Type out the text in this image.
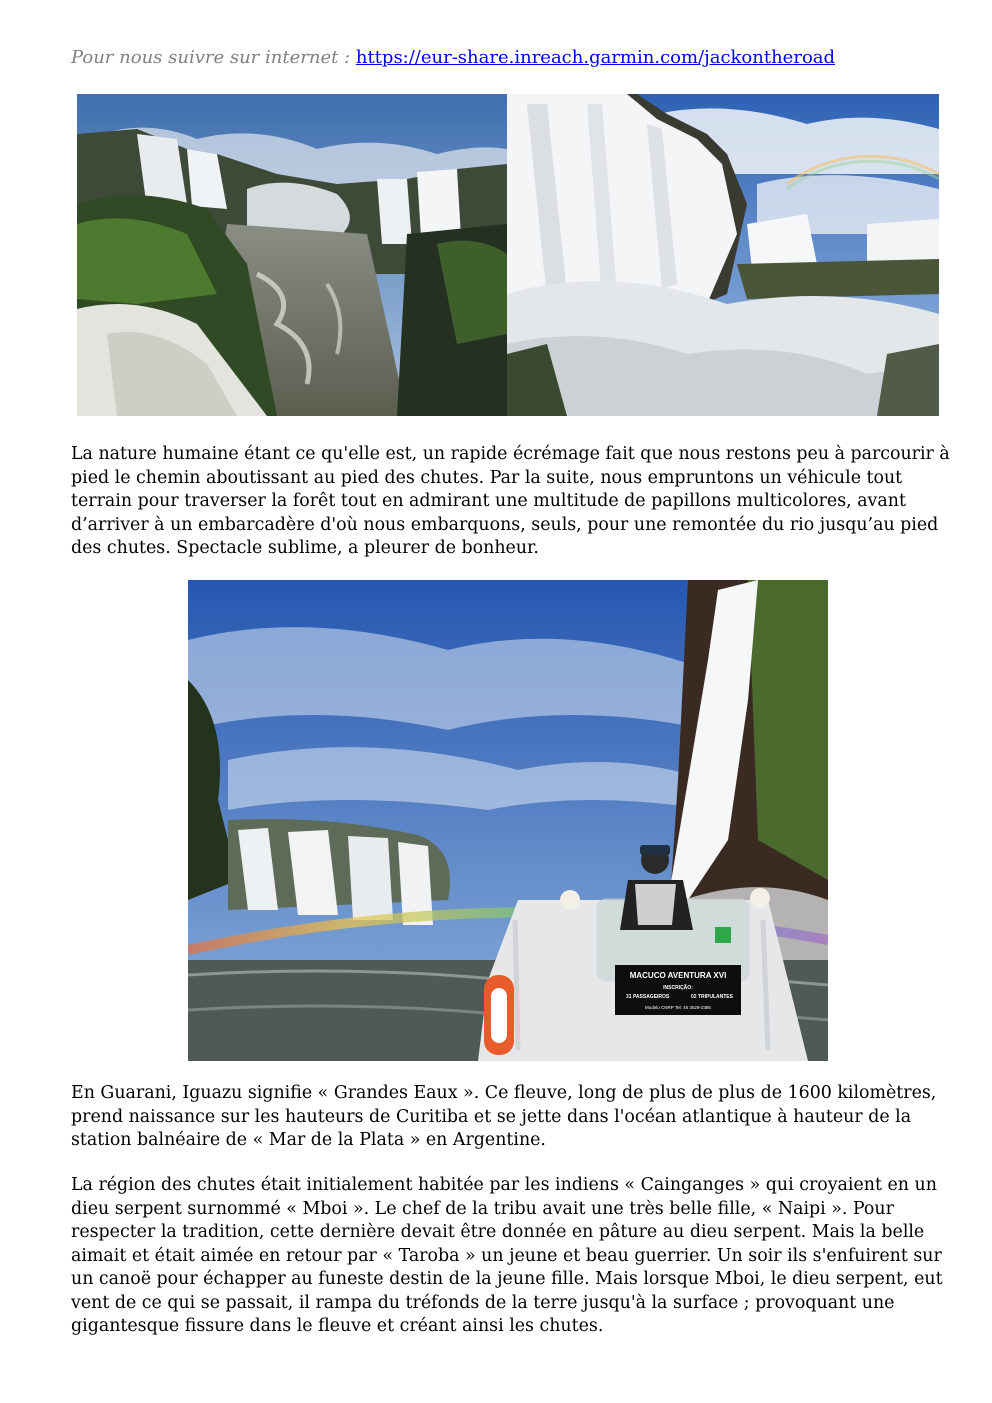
Pour nous suivre sur internet : https://eur-share.inreach.garmin.com/jackontheroad

La nature humaine étant ce qu'elle est, un rapide écrémage fait que nous restons peu à parcourir à
pied le chemin aboutissant au pied des chutes. Par la suite, nous empruntons un véhicule tout
terrain pour traverser la forêt tout en admirant une multitude de papillons multicolores, avant
d’arriver à un embarcadère d'où nous embarquons, seuls, pour une remontée du rio jusqu’au pied
des chutes. Spectacle sublime, a pleurer de bonheur.

MACUCO AVENTURA XVI
INSCRIÇÃO:
31 PASSAGEIROS	02 TRIPULANTES
Modelo CNRP Tel: 45 3529-2385

En Guarani, Iguazu signifie « Grandes Eaux ». Ce fleuve, long de plus de plus de 1600 kilomètres,
prend naissance sur les hauteurs de Curitiba et se jette dans l'océan atlantique à hauteur de la
station balnéaire de « Mar de la Plata » en Argentine.

La région des chutes était initialement habitée par les indiens « Cainganges » qui croyaient en un
dieu serpent surnommé « Mboi ». Le chef de la tribu avait une très belle fille, « Naipi ». Pour
respecter la tradition, cette dernière devait être donnée en pâture au dieu serpent. Mais la belle
aimait et était aimée en retour par « Taroba » un jeune et beau guerrier. Un soir ils s'enfuirent sur
un canoë pour échapper au funeste destin de la jeune fille. Mais lorsque Mboi, le dieu serpent, eut
vent de ce qui se passait, il rampa du tréfonds de la terre jusqu'à la surface ; provoquant une
gigantesque fissure dans le fleuve et créant ainsi les chutes.
